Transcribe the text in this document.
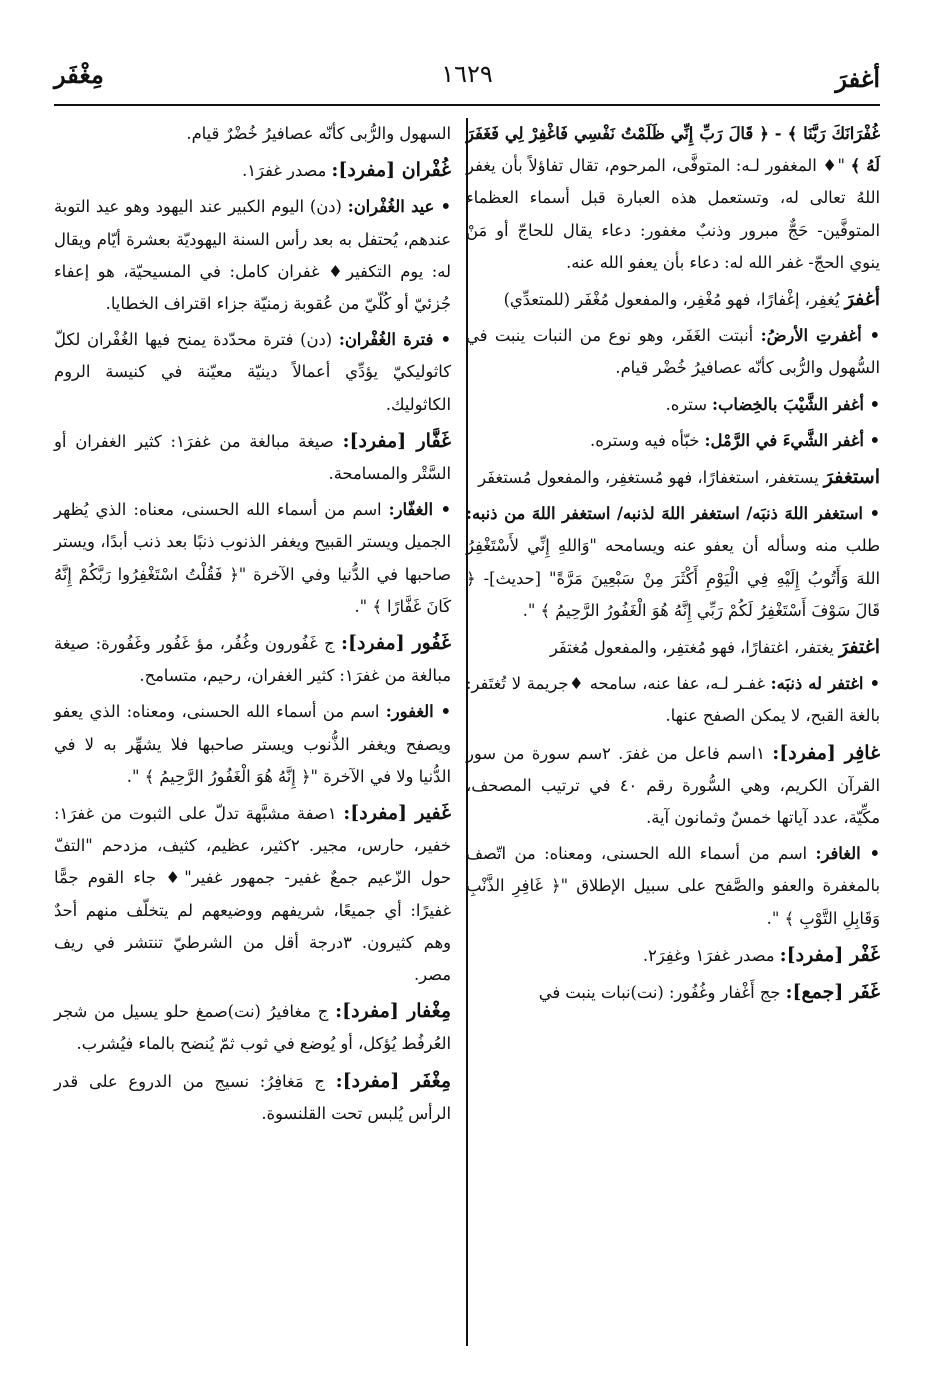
أغفرَ
١٦٢٩
مِغْفَر

غُفْرَانَكَ رَبَّنَا ﴾ - ﴿ قَالَ رَبِّ إِنِّي ظَلَمْتُ نَفْسِي فَاغْفِرْ لِي فَغَفَرَ لَهُ ﴾ "♦ المغفور لـه: المتوفَّى، المرحوم، تقال تفاؤلاً بأن يغفر اللهُ تعالى له، وتستعمل هذه العبارة قبل أسماء العظماء المتوفَّين- حَجٌّ مبرور وذنبٌ مغفور: دعاء يقال للحاجّ أو مَنْ ينوي الحجّ- غفر الله له: دعاء بأن يعفو الله عنه.

أغفرَ يُغفِر، إغْفارًا، فهو مُغْفِر، والمفعول مُغْفَر (للمتعدِّي)

• أغفرتِ الأرضُ: أنبتت الغَفَر، وهو نوع من النبات ينبت في السُّهول والرُّبى كأنّه عصافيرُ خُضْر قيام.

• أغفر الشَّيْبَ بالخِضاب: ستره.

• أغفر الشَّيءَ في الرَّمْل: خبّأه فيه وستره.

استغفرَ يستغفر، استغفارًا، فهو مُستغفِر، والمفعول مُستغفَر

• استغفر اللهَ ذنبَه/ استغفر اللهَ لذنبه/ استغفر اللهَ من ذنبه: طلب منه وسأله أن يعفو عنه ويسامحه "وَاللهِ إِنِّي لأَسْتَغْفِرُ اللهَ وَأَتُوبُ إِلَيْهِ فِي الْيَوْمِ أَكْثَرَ مِنْ سَبْعِينَ مَرَّةً" [حديث]- ﴿ قَالَ سَوْفَ أَسْتَغْفِرُ لَكُمْ رَبِّي إِنَّهُ هُوَ الْغَفُورُ الرَّحِيمُ ﴾ ".

اغتفرَ يغتفر، اغتفارًا، فهو مُغتفِر، والمفعول مُغتفَر

• اغتفر له ذنبَه: غفـر لـه، عفا عنه، سامحه ♦جريمة لا تُغتَفر: بالغة القبح، لا يمكن الصفح عنها.

غافِر [مفرد]: ١اسم فاعل من غفرَ. ٢سم سورة من سور القرآن الكريم، وهي السُّورة رقم ٤٠ في ترتيب المصحف، مكِّيّة، عدد آياتها خمسٌ وثمانون آية.

• الغافر: اسم من أسماء الله الحسنى، ومعناه: من اتّصف بالمغفرة والعفو والصَّفح على سبيل الإطلاق "﴿ غَافِرِ الذَّنْبِ وَقَابِلِ التَّوْبِ ﴾ ".

غَفْر [مفرد]: مصدر غفرَ١ وغفِرَ٢.

غَفَر [جمع]: جج أَغْفار وغُفُور: (نت)نبات ينبت في

السهول والرُّبى كأنّه عصافيرُ خُضْرٌ قيام.

غُفْران [مفرد]: مصدر غفرَ١.

• عيد الغُفْران: (دن) اليوم الكبير عند اليهود وهو عيد التوبة عندهم، يُحتفل به بعد رأس السنة اليهوديّة بعشرة أيّام ويقال له: يوم التكفير♦ غفران كامل: في المسيحيّة، هو إعفاء جُزئيّ أو كُلّيّ من عُقوبة زمنيّة جزاء اقتراف الخطايا.

• فترة الغُفْران: (دن) فترة محدّدة يمنح فيها الغُفْران لكلّ كاثوليكيّ يؤدِّي أعمالاً دينيّة معيّنة في كنيسة الروم الكاثوليك.

غَفَّار [مفرد]: صيغة مبالغة من غفرَ١: كثير الغفران أو السَّتْر والمسامحة.

• الغفّار: اسم من أسماء الله الحسنى، معناه: الذي يُظهر الجميل ويستر القبيح ويغفر الذنوب ذنبًا بعد ذنب أبدًا، ويستر صاحبها في الدُّنيا وفي الآخرة "﴿ فَقُلْتُ اسْتَغْفِرُوا رَبَّكُمْ إِنَّهُ كَانَ غَفَّارًا ﴾ ".

غَفُور [مفرد]: ج غَفُورون وغُفُر، مؤ غَفُور وغَفُورة: صيغة مبالغة من غفرَ١: كثير الغفران، رحيم، متسامح.

• الغفور: اسم من أسماء الله الحسنى، ومعناه: الذي يعفو ويصفح ويغفر الذُّنوب ويستر صاحبها فلا يشهِّر به لا في الدُّنيا ولا في الآخرة "﴿ إِنَّهُ هُوَ الْغَفُورُ الرَّحِيمُ ﴾ ".

غَفير [مفرد]: ١صفة مشبَّهة تدلّ على الثبوت من غفرَ١: خفير، حارس، مجير. ٢كثير، عظيم، كثيف، مزدحم "التفّ حول الزّعيم جمعٌ غفير- جمهور غفير"♦ جاء القوم جمًّا غفيرًا: أي جميعًا، شريفهم ووضيعهم لم يتخلّف منهم أحدٌ وهم كثيرون. ٣درجة أقل من الشرطيّ تنتشر في ريف مصر.

مِغْفار [مفرد]: ج مغافيرُ (نت)صمغ حلو يسيل من شجر العُرفُط يُؤكل، أو يُوضع في ثوب ثمّ يُنضح بالماء فيُشرب.

مِغْفَر [مفرد]: ج مَغافِرُ: نسيج من الدروع على قدر الرأس يُلبس تحت القلنسوة.
